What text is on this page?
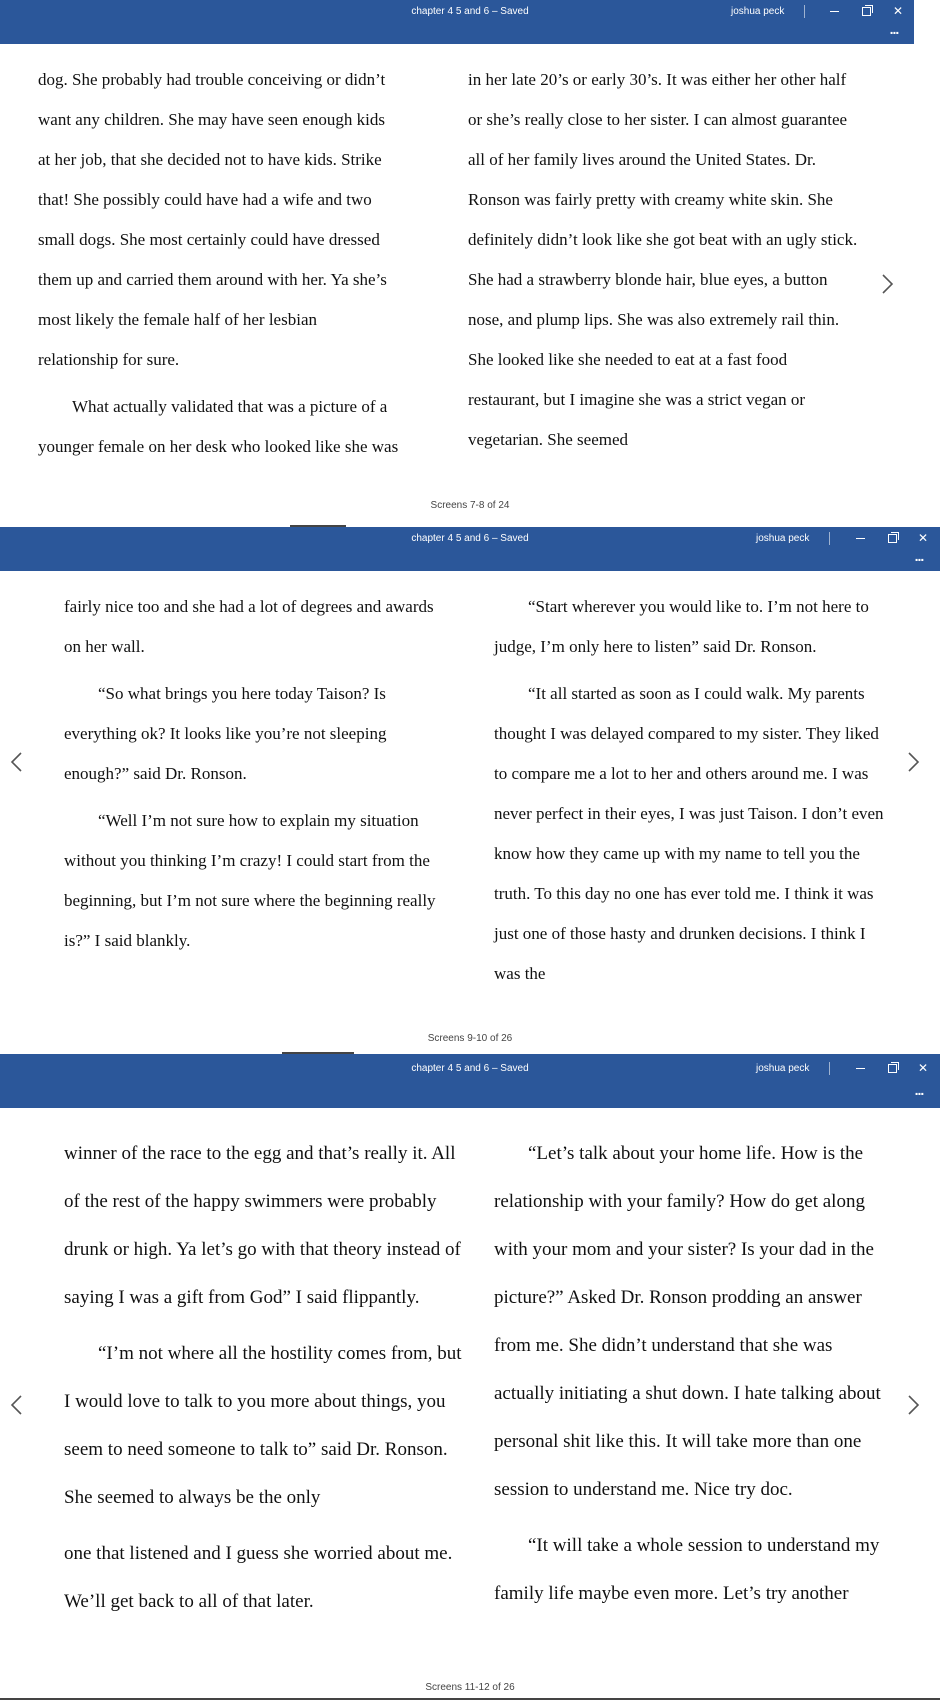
chapter 4 5 and 6 – Saved	joshua peck	✕
...
dog. She probably had trouble conceiving or didn’t
want any children. She may have seen enough kids
at her job, that she decided not to have kids. Strike
that! She possibly could have had a wife and two
small dogs. She most certainly could have dressed
them up and carried them around with her. Ya she’s
most likely the female half of her lesbian
relationship for sure.

What actually validated that was a picture of a younger female on her desk who looked like she was

in her late 20’s or early 30’s. It was either her other half or she’s really close to her sister. I can almost guarantee all of her family lives around the United States. Dr. Ronson was fairly pretty with creamy white skin. She definitely didn’t look like she got beat with an ugly stick. She had a strawberry blonde hair, blue eyes, a button nose, and plump lips. She was also extremely rail thin. She looked like she needed to eat at a fast food restaurant, but I imagine she was a strict vegan or vegetarian. She seemed

Screens 7-8 of 24
chapter 4 5 and 6 – Saved	joshua peck	✕
...

fairly nice too and she had a lot of degrees and awards on her wall.

“So what brings you here today Taison? Is everything ok? It looks like you’re not sleeping enough?” said Dr. Ronson.

“Well I’m not sure how to explain my situation without you thinking I’m crazy! I could start from the beginning, but I’m not sure where the beginning really is?” I said blankly.

“Start wherever you would like to. I’m not here to judge, I’m only here to listen” said Dr. Ronson.

“It all started as soon as I could walk. My parents thought I was delayed compared to my sister. They liked to compare me a lot to her and others around me. I was never perfect in their eyes, I was just Taison. I don’t even know how they came up with my name to tell you the truth. To this day no one has ever told me. I think it was just one of those hasty and drunken decisions. I think I was the

Screens 9-10 of 26
chapter 4 5 and 6 – Saved	joshua peck	✕
...

winner of the race to the egg and that’s really it. All of the rest of the happy swimmers were probably drunk or high. Ya let’s go with that theory instead of saying I was a gift from God” I said flippantly.

“I’m not where all the hostility comes from, but I would love to talk to you more about things, you seem to need someone to talk to” said Dr. Ronson. She seemed to always be the only

one that listened and I guess she worried about me. We’ll get back to all of that later.

“Let’s talk about your home life. How is the relationship with your family? How do get along with your mom and your sister? Is your dad in the picture?” Asked Dr. Ronson prodding an answer from me. She didn’t understand that she was actually initiating a shut down. I hate talking about personal shit like this. It will take more than one session to understand me. Nice try doc.

“It will take a whole session to understand my family life maybe even more. Let’s try another

Screens 11-12 of 26
